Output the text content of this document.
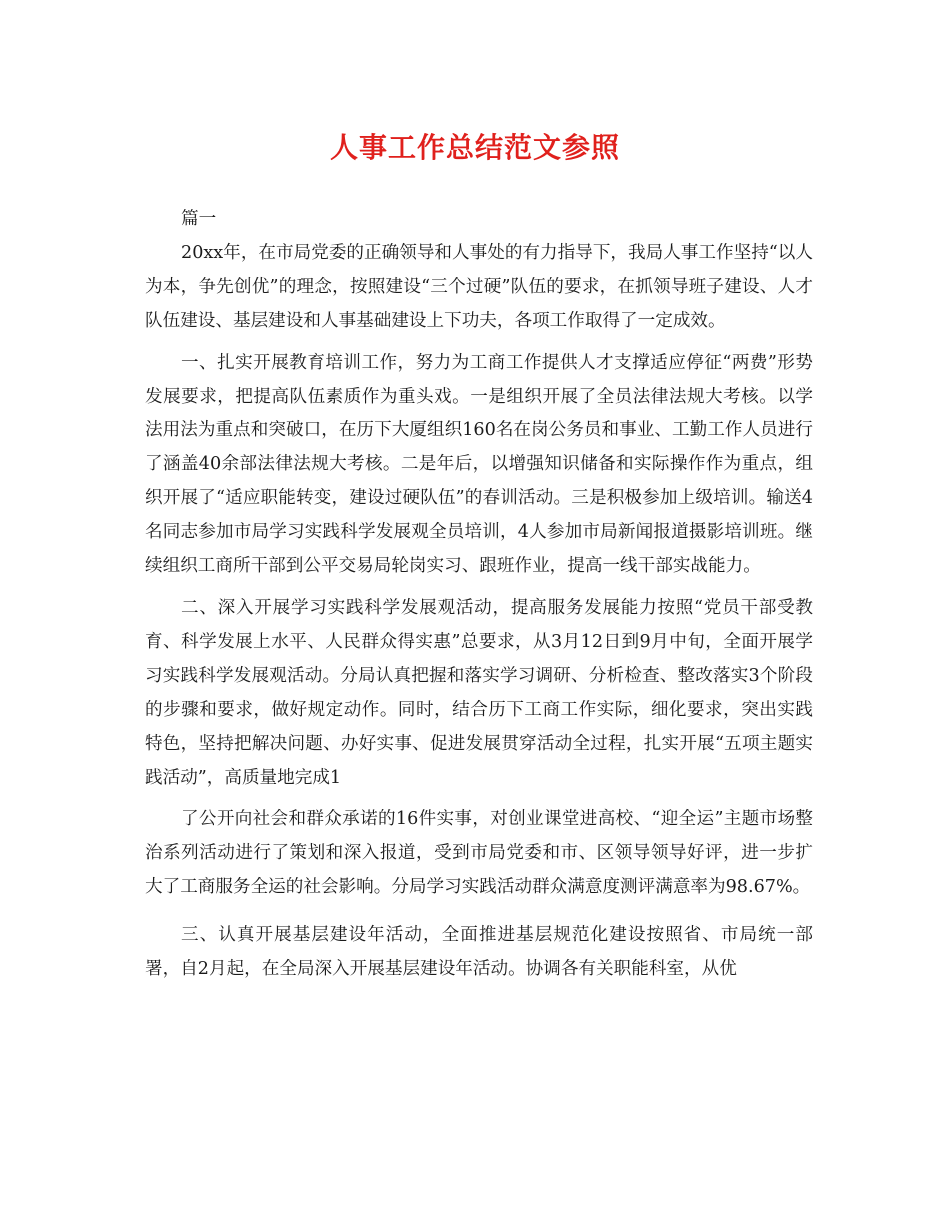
人事工作总结范文参照

篇一

20xx年，在市局党委的正确领导和人事处的有力指导下，我局人事工作坚持“以人为本，争先创优”的理念，按照建设“三个过硬”队伍的要求，在抓领导班子建设、人才队伍建设、基层建设和人事基础建设上下功夫，各项工作取得了一定成效。

一、扎实开展教育培训工作，努力为工商工作提供人才支撑适应停征“两费”形势发展要求，把提高队伍素质作为重头戏。一是组织开展了全员法律法规大考核。以学法用法为重点和突破口，在历下大厦组织160名在岗公务员和事业、工勤工作人员进行了涵盖40余部法律法规大考核。二是年后，以增强知识储备和实际操作作为重点，组织开展了“适应职能转变，建设过硬队伍”的春训活动。三是积极参加上级培训。输送4名同志参加市局学习实践科学发展观全员培训，4人参加市局新闻报道摄影培训班。继续组织工商所干部到公平交易局轮岗实习、跟班作业，提高一线干部实战能力。

二、深入开展学习实践科学发展观活动，提高服务发展能力按照“党员干部受教育、科学发展上水平、人民群众得实惠”总要求，从3月12日到9月中旬，全面开展学习实践科学发展观活动。分局认真把握和落实学习调研、分析检查、整改落实3个阶段的步骤和要求，做好规定动作。同时，结合历下工商工作实际，细化要求，突出实践特色，坚持把解决问题、办好实事、促进发展贯穿活动全过程，扎实开展“五项主题实践活动”，高质量地完成1

了公开向社会和群众承诺的16件实事，对创业课堂进高校、“迎全运”主题市场整治系列活动进行了策划和深入报道，受到市局党委和市、区领导领导好评，进一步扩大了工商服务全运的社会影响。分局学习实践活动群众满意度测评满意率为98.67%。

三、认真开展基层建设年活动，全面推进基层规范化建设按照省、市局统一部署，自2月起，在全局深入开展基层建设年活动。协调各有关职能科室，从优
